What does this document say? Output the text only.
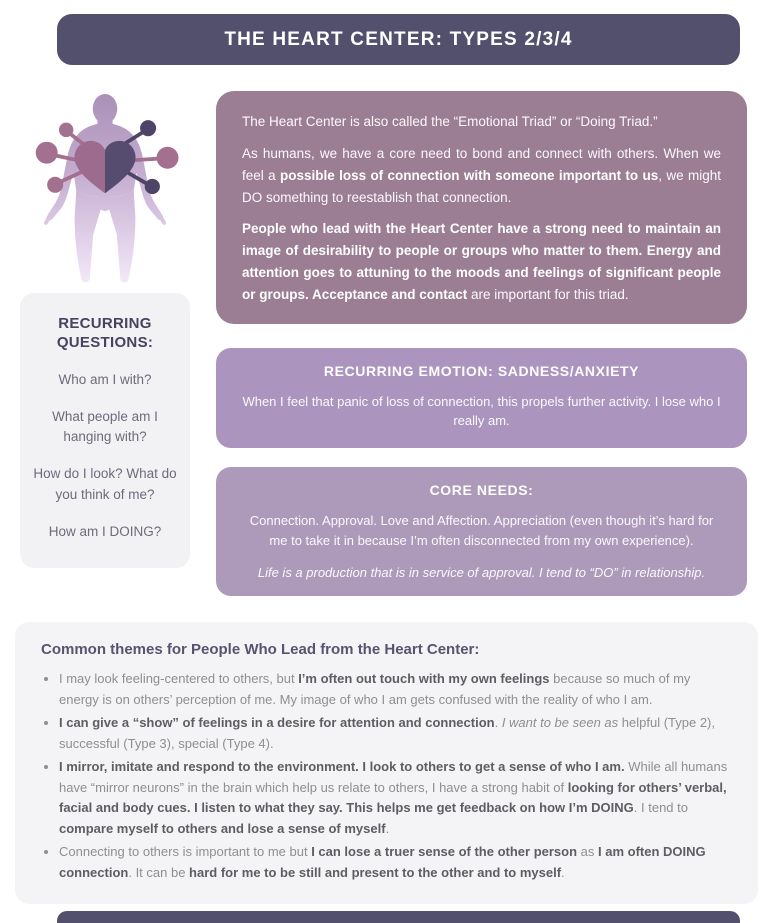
THE HEART CENTER: TYPES 2/3/4
RECURRING QUESTIONS:
Who am I with?
What people am I hanging with?
How do I look? What do you think of me?
How am I DOING?

The Heart Center is also called the “Emotional Triad” or “Doing Triad.”

As humans, we have a core need to bond and connect with others. When we feel a possible loss of connection with someone important to us, we might DO something to reestablish that connection.

People who lead with the Heart Center have a strong need to maintain an image of desirability to people or groups who matter to them. Energy and attention goes to attuning to the moods and feelings of significant people or groups. Acceptance and contact are important for this triad.

RECURRING EMOTION: SADNESS/ANXIETY
When I feel that panic of loss of connection, this propels further activity. I lose who I really am.
CORE NEEDS:
Connection. Approval. Love and Affection. Appreciation (even though it’s hard for me to take it in because I’m often disconnected from my own experience).
Life is a production that is in service of approval. I tend to “DO” in relationship.
Common themes for People Who Lead from the Heart Center:
• I may look feeling-centered to others, but I’m often out touch with my own feelings because so much of my energy is on others’ perception of me. My image of who I am gets confused with the reality of who I am.
• I can give a “show” of feelings in a desire for attention and connection. I want to be seen as helpful (Type 2), successful (Type 3), special (Type 4).
• I mirror, imitate and respond to the environment. I look to others to get a sense of who I am. While all humans have “mirror neurons” in the brain which help us relate to others, I have a strong habit of looking for others’ verbal, facial and body cues. I listen to what they say. This helps me get feedback on how I’m DOING. I tend to compare myself to others and lose a sense of myself.
• Connecting to others is important to me but I can lose a truer sense of the other person as I am often DOING connection. It can be hard for me to be still and present to the other and to myself.
